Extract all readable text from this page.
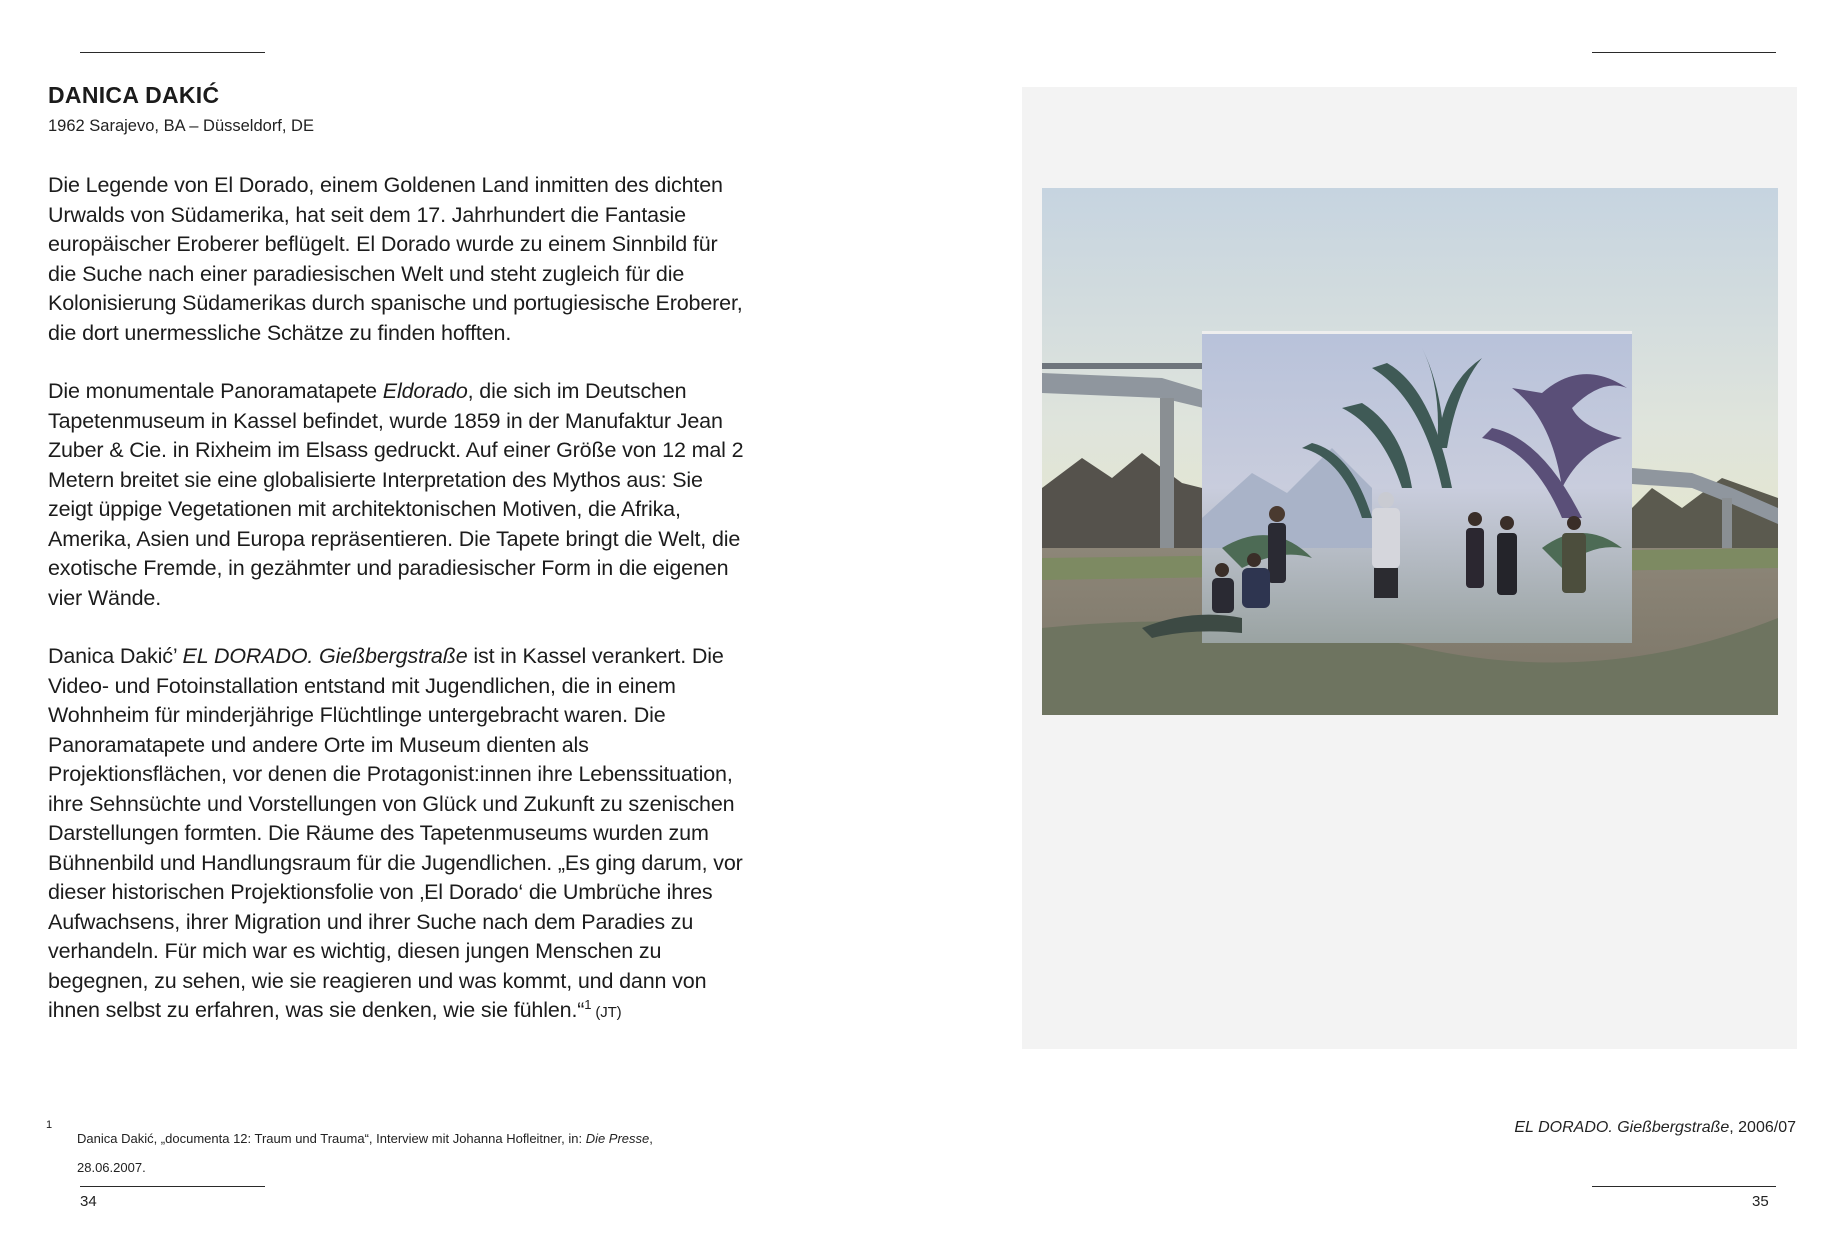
DANICA DAKIĆ

1962 Sarajevo, BA – Düsseldorf, DE

Die Legende von El Dorado, einem Goldenen Land inmitten des dichten Urwalds von Südamerika, hat seit dem 17. Jahrhundert die Fantasie europäischer Eroberer beflügelt. El Dorado wurde zu einem Sinnbild für die Suche nach einer paradiesischen Welt und steht zugleich für die Kolonisierung Südamerikas durch spanische und portugiesische Eroberer, die dort unermessliche Schätze zu finden hofften.

Die monumentale Panoramatapete Eldorado, die sich im Deutschen Tapetenmuseum in Kassel befindet, wurde 1859 in der Manufaktur Jean Zuber & Cie. in Rixheim im Elsass gedruckt. Auf einer Größe von 12 mal 2 Metern breitet sie eine globalisierte Interpretation des Mythos aus: Sie zeigt üppige Vegetationen mit architektonischen Motiven, die Afrika, Amerika, Asien und Europa repräsentieren. Die Tapete bringt die Welt, die exotische Fremde, in gezähmter und paradiesischer Form in die eigenen vier Wände.

Danica Dakić’ EL DORADO. Gießbergstraße ist in Kassel verankert. Die Video- und Fotoinstallation entstand mit Jugendlichen, die in einem Wohnheim für minderjährige Flüchtlinge untergebracht waren. Die Panoramatapete und andere Orte im Museum dienten als Projektionsflächen, vor denen die Protagonist:innen ihre Lebenssituation, ihre Sehnsüchte und Vorstellungen von Glück und Zukunft zu szenischen Darstellungen formten. Die Räume des Tapetenmuseums wurden zum Bühnenbild und Handlungsraum für die Jugendlichen. „Es ging darum, vor dieser historischen Projektionsfolie von ‚El Dorado‘ die Umbrüche ihres Aufwachsens, ihrer Migration und ihrer Suche nach dem Paradies zu verhandeln. Für mich war es wichtig, diesen jungen Menschen zu begegnen, zu sehen, wie sie reagieren und was kommt, und dann von ihnen selbst zu erfahren, was sie denken, wie sie fühlen.“$^1$ (JT)

1
Danica Dakić, „documenta 12: Traum und Trauma“, Interview mit Johanna Hofleitner, in: Die Presse, 28.06.2007.
34
EL DORADO. Gießbergstraße, 2006/07
35
